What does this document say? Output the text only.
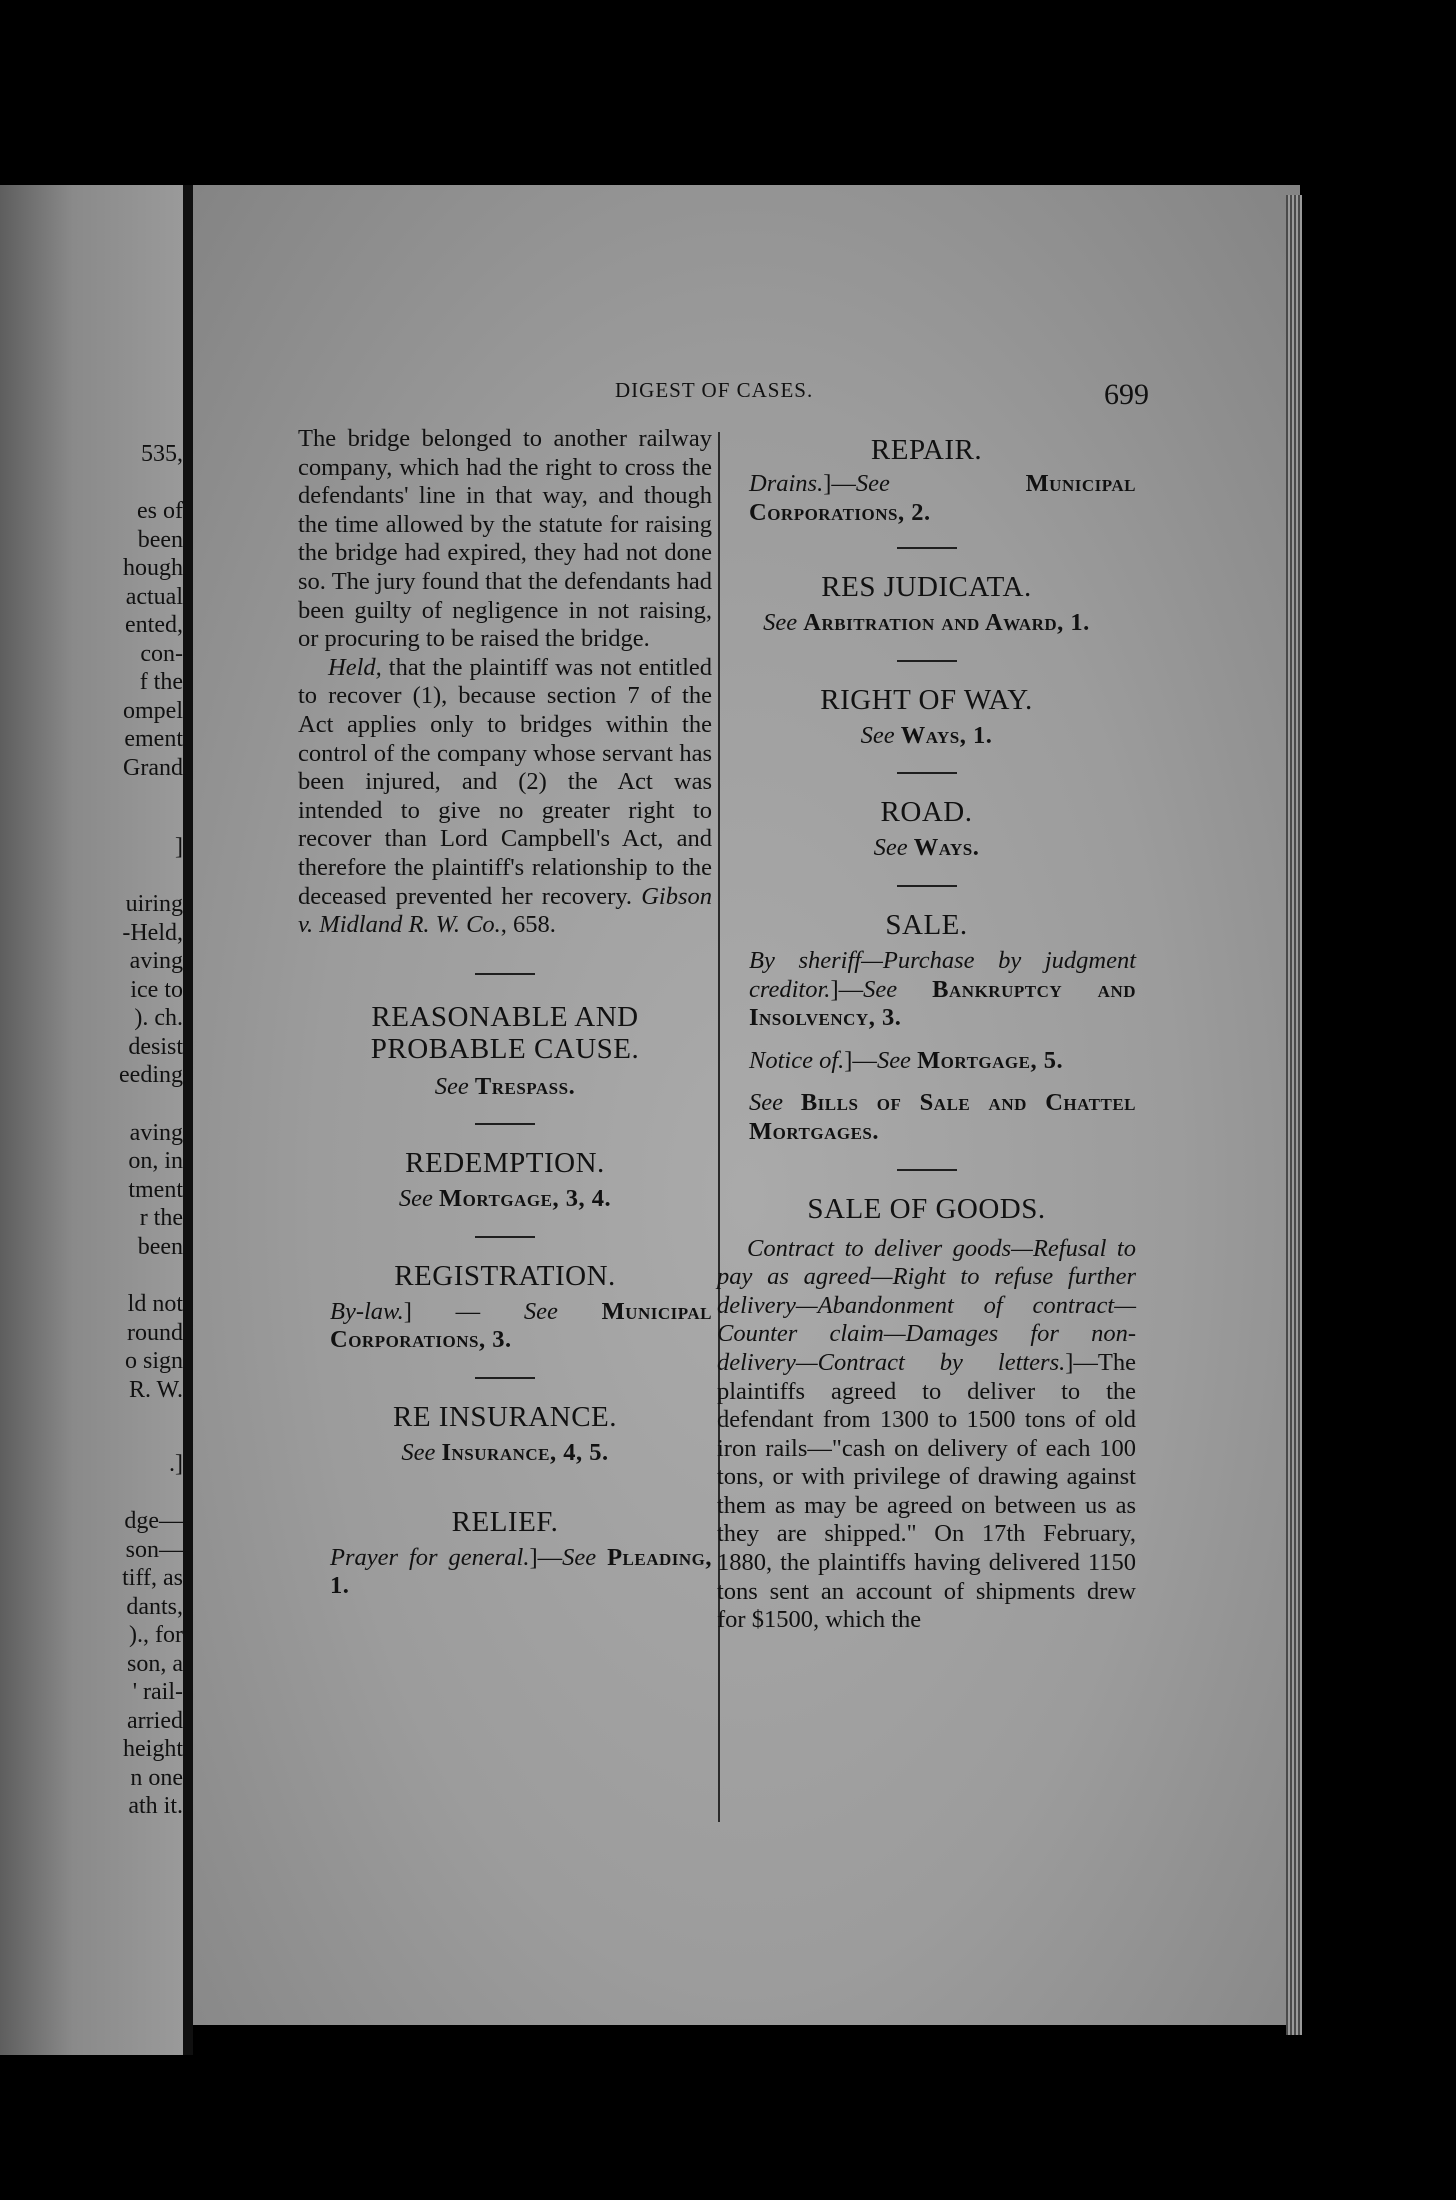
535,
es of
been
hough
actual
ented,
con-
f the
ompel
ement
Grand
]
uiring
-Held,
aving
ice to
). ch.
desist
eeding
aving
on, in
tment
r the
been
ld not
round
o sign
R. W.
.]
dge—
son—
tiff, as
dants,
)., for
son, a
' rail-
arried
height
n one
ath it.
DIGEST OF CASES.	699

The bridge belonged to another railway company, which had the right to cross the defendants' line in that way, and though the time allowed by the statute for raising the bridge had expired, they had not done so. The jury found that the defendants had been guilty of negligence in not raising, or procuring to be raised the bridge.

Held, that the plaintiff was not entitled to recover (1), because section 7 of the Act applies only to bridges within the control of the company whose servant has been injured, and (2) the Act was intended to give no greater right to recover than Lord Campbell's Act, and therefore the plaintiff's relationship to the deceased prevented her recovery. Gibson v. Midland R. W. Co., 658.

REASONABLE AND PROBABLE CAUSE.

See Trespass.

REDEMPTION.

See Mortgage, 3, 4.

REGISTRATION.

By-law.] — See Municipal Corporations, 3.

RE INSURANCE.

See Insurance, 4, 5.

RELIEF.

Prayer for general.]—See Pleading, 1.

REPAIR.

Drains.]—See	Municipal Corporations, 2.

RES JUDICATA.

See Arbitration and Award, 1.

RIGHT OF WAY.

See Ways, 1.

ROAD.

See Ways.

SALE.

By sheriff—Purchase by judgment creditor.]—See Bankruptcy and Insolvency, 3.

Notice of.]—See Mortgage, 5.

See Bills of Sale and Chattel Mortgages.

SALE OF GOODS.

Contract to deliver goods—Refusal to pay as agreed—Right to refuse further delivery—Abandonment of contract—Counter claim—Damages for non-delivery—Contract by letters.]—The plaintiffs agreed to deliver to the defendant from 1300 to 1500 tons of old iron rails—"cash on delivery of each 100 tons, or with privilege of drawing against them as may be agreed on between us as they are shipped." On 17th February, 1880, the plaintiffs having delivered 1150 tons sent an account of shipments drew for $1500, which the
